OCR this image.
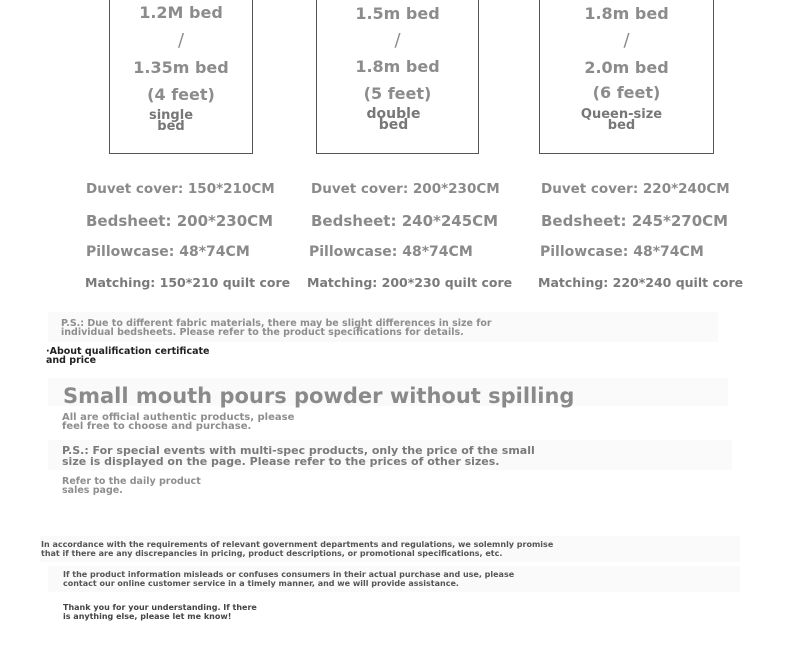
1.2M bed
/
1.35m bed
(4 feet)
single
bed
1.5m bed
/
1.8m bed
(5 feet)
double
bed
1.8m bed
/
2.0m bed
(6 feet)
Queen-size
bed
Duvet cover: 150*210CM
Bedsheet: 200*230CM
Pillowcase: 48*74CM
Matching: 150*210 quilt core
Duvet cover: 200*230CM
Bedsheet: 240*245CM
Pillowcase: 48*74CM
Matching: 200*230 quilt core
Duvet cover: 220*240CM
Bedsheet: 245*270CM
Pillowcase: 48*74CM
Matching: 220*240 quilt core
P.S.: Due to different fabric materials, there may be slight differences in size for
individual bedsheets. Please refer to the product specifications for details.
·About qualification certificate
and price
Small mouth pours powder without spilling
All are official authentic products, please
feel free to choose and purchase.
P.S.: For special events with multi-spec products, only the price of the small
size is displayed on the page. Please refer to the prices of other sizes.
Refer to the daily product
sales page.
In accordance with the requirements of relevant government departments and regulations, we solemnly promise
that if there are any discrepancies in pricing, product descriptions, or promotional specifications, etc.
If the product information misleads or confuses consumers in their actual purchase and use, please
contact our online customer service in a timely manner, and we will provide assistance.
Thank you for your understanding. If there
is anything else, please let me know!
